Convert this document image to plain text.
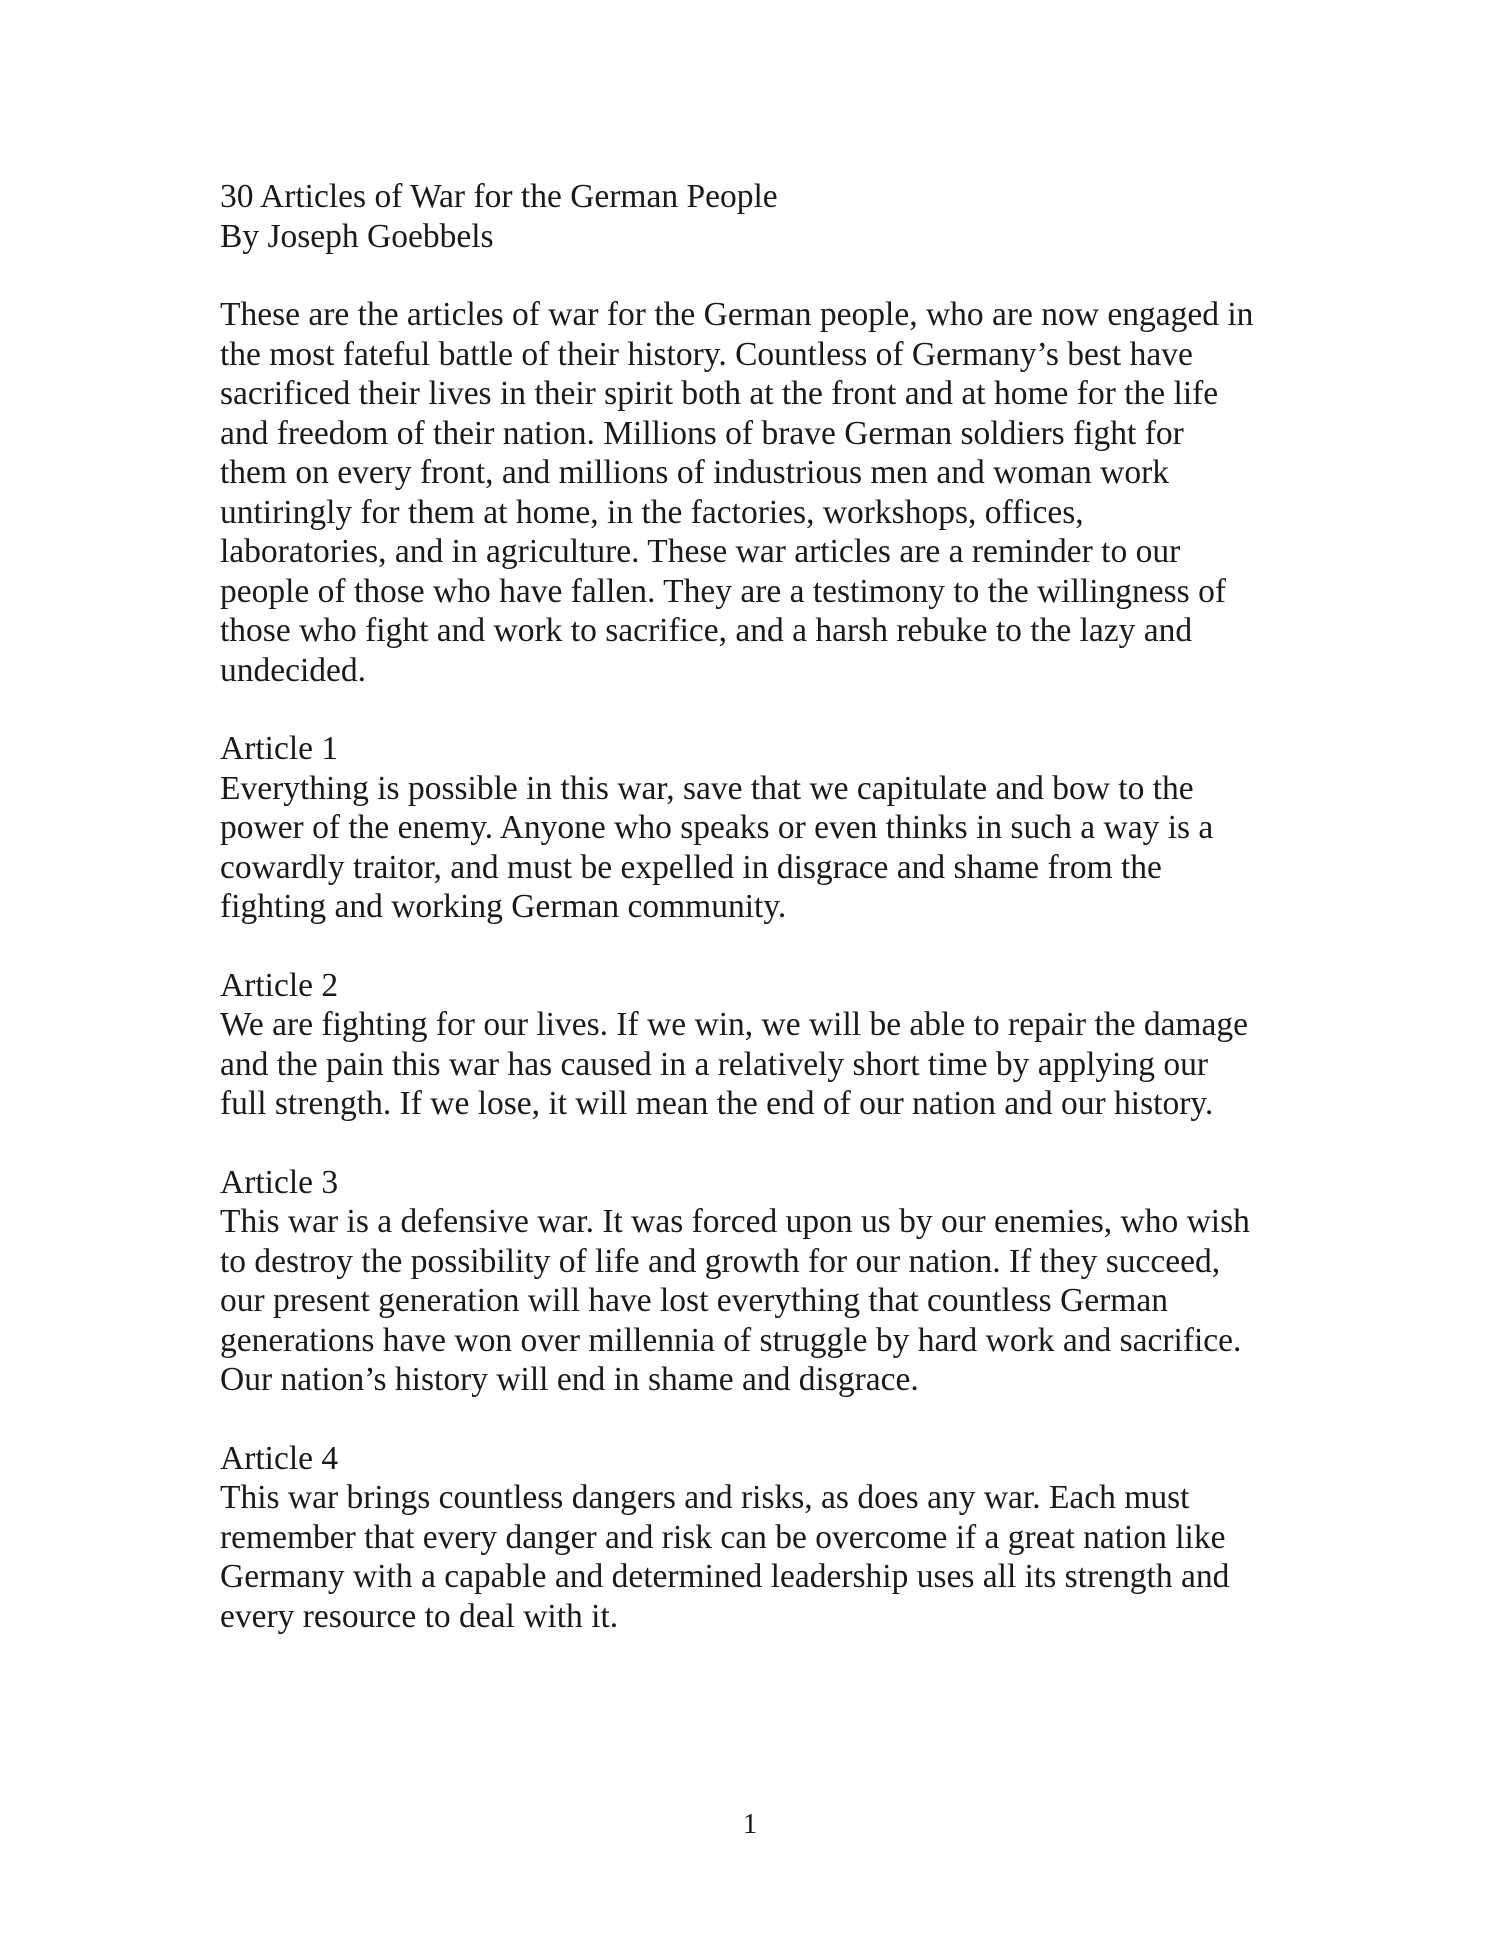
30 Articles of War for the German People
By Joseph Goebbels
These are the articles of war for the German people, who are now engaged in
the most fateful battle of their history. Countless of Germany’s best have
sacrificed their lives in their spirit both at the front and at home for the life
and freedom of their nation. Millions of brave German soldiers fight for
them on every front, and millions of industrious men and woman work
untiringly for them at home, in the factories, workshops, offices,
laboratories, and in agriculture. These war articles are a reminder to our
people of those who have fallen. They are a testimony to the willingness of
those who fight and work to sacrifice, and a harsh rebuke to the lazy and
undecided.
Article 1
Everything is possible in this war, save that we capitulate and bow to the
power of the enemy. Anyone who speaks or even thinks in such a way is a
cowardly traitor, and must be expelled in disgrace and shame from the
fighting and working German community.
Article 2
We are fighting for our lives. If we win, we will be able to repair the damage
and the pain this war has caused in a relatively short time by applying our
full strength. If we lose, it will mean the end of our nation and our history.
Article 3
This war is a defensive war. It was forced upon us by our enemies, who wish
to destroy the possibility of life and growth for our nation. If they succeed,
our present generation will have lost everything that countless German
generations have won over millennia of struggle by hard work and sacrifice.
Our nation’s history will end in shame and disgrace.
Article 4
This war brings countless dangers and risks, as does any war. Each must
remember that every danger and risk can be overcome if a great nation like
Germany with a capable and determined leadership uses all its strength and
every resource to deal with it.
1
